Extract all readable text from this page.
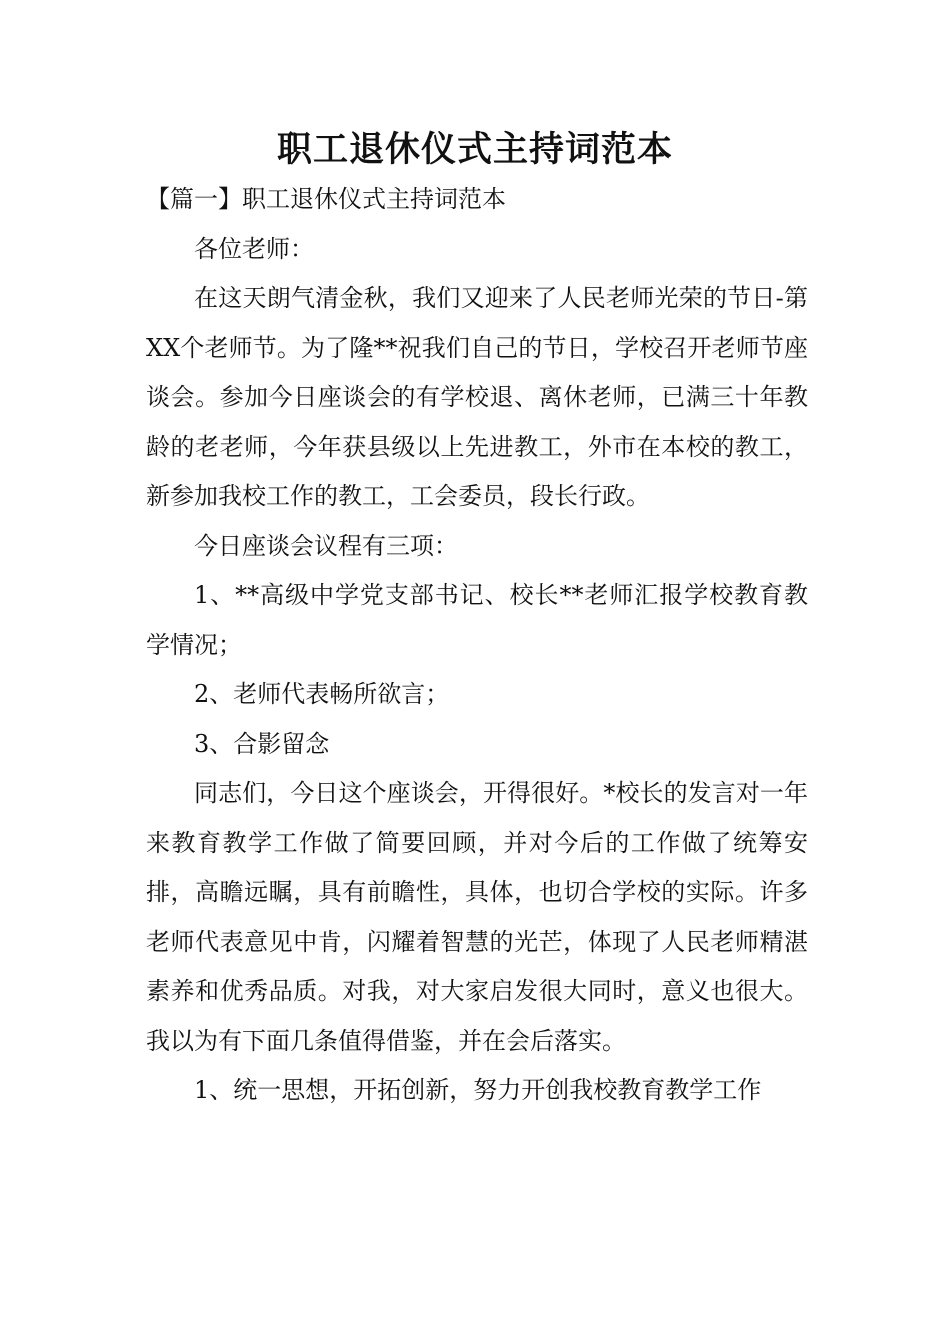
职工退休仪式主持词范本

【篇一】职工退休仪式主持词范本

各位老师：

在这天朗气清金秋，我们又迎来了人民老师光荣的节日-第XX个老师节。为了隆**祝我们自己的节日，学校召开老师节座谈会。参加今日座谈会的有学校退、离休老师，已满三十年教龄的老老师，今年获县级以上先进教工，外市在本校的教工，新参加我校工作的教工，工会委员，段长行政。

今日座谈会议程有三项：

1、**高级中学党支部书记、校长**老师汇报学校教育教学情况；

2、老师代表畅所欲言；

3、合影留念

同志们，今日这个座谈会，开得很好。*校长的发言对一年来教育教学工作做了简要回顾，并对今后的工作做了统筹安排，高瞻远瞩，具有前瞻性，具体，也切合学校的实际。许多老师代表意见中肯，闪耀着智慧的光芒，体现了人民老师精湛素养和优秀品质。对我，对大家启发很大同时，意义也很大。我以为有下面几条值得借鉴，并在会后落实。

1、统一思想，开拓创新，努力开创我校教育教学工作
